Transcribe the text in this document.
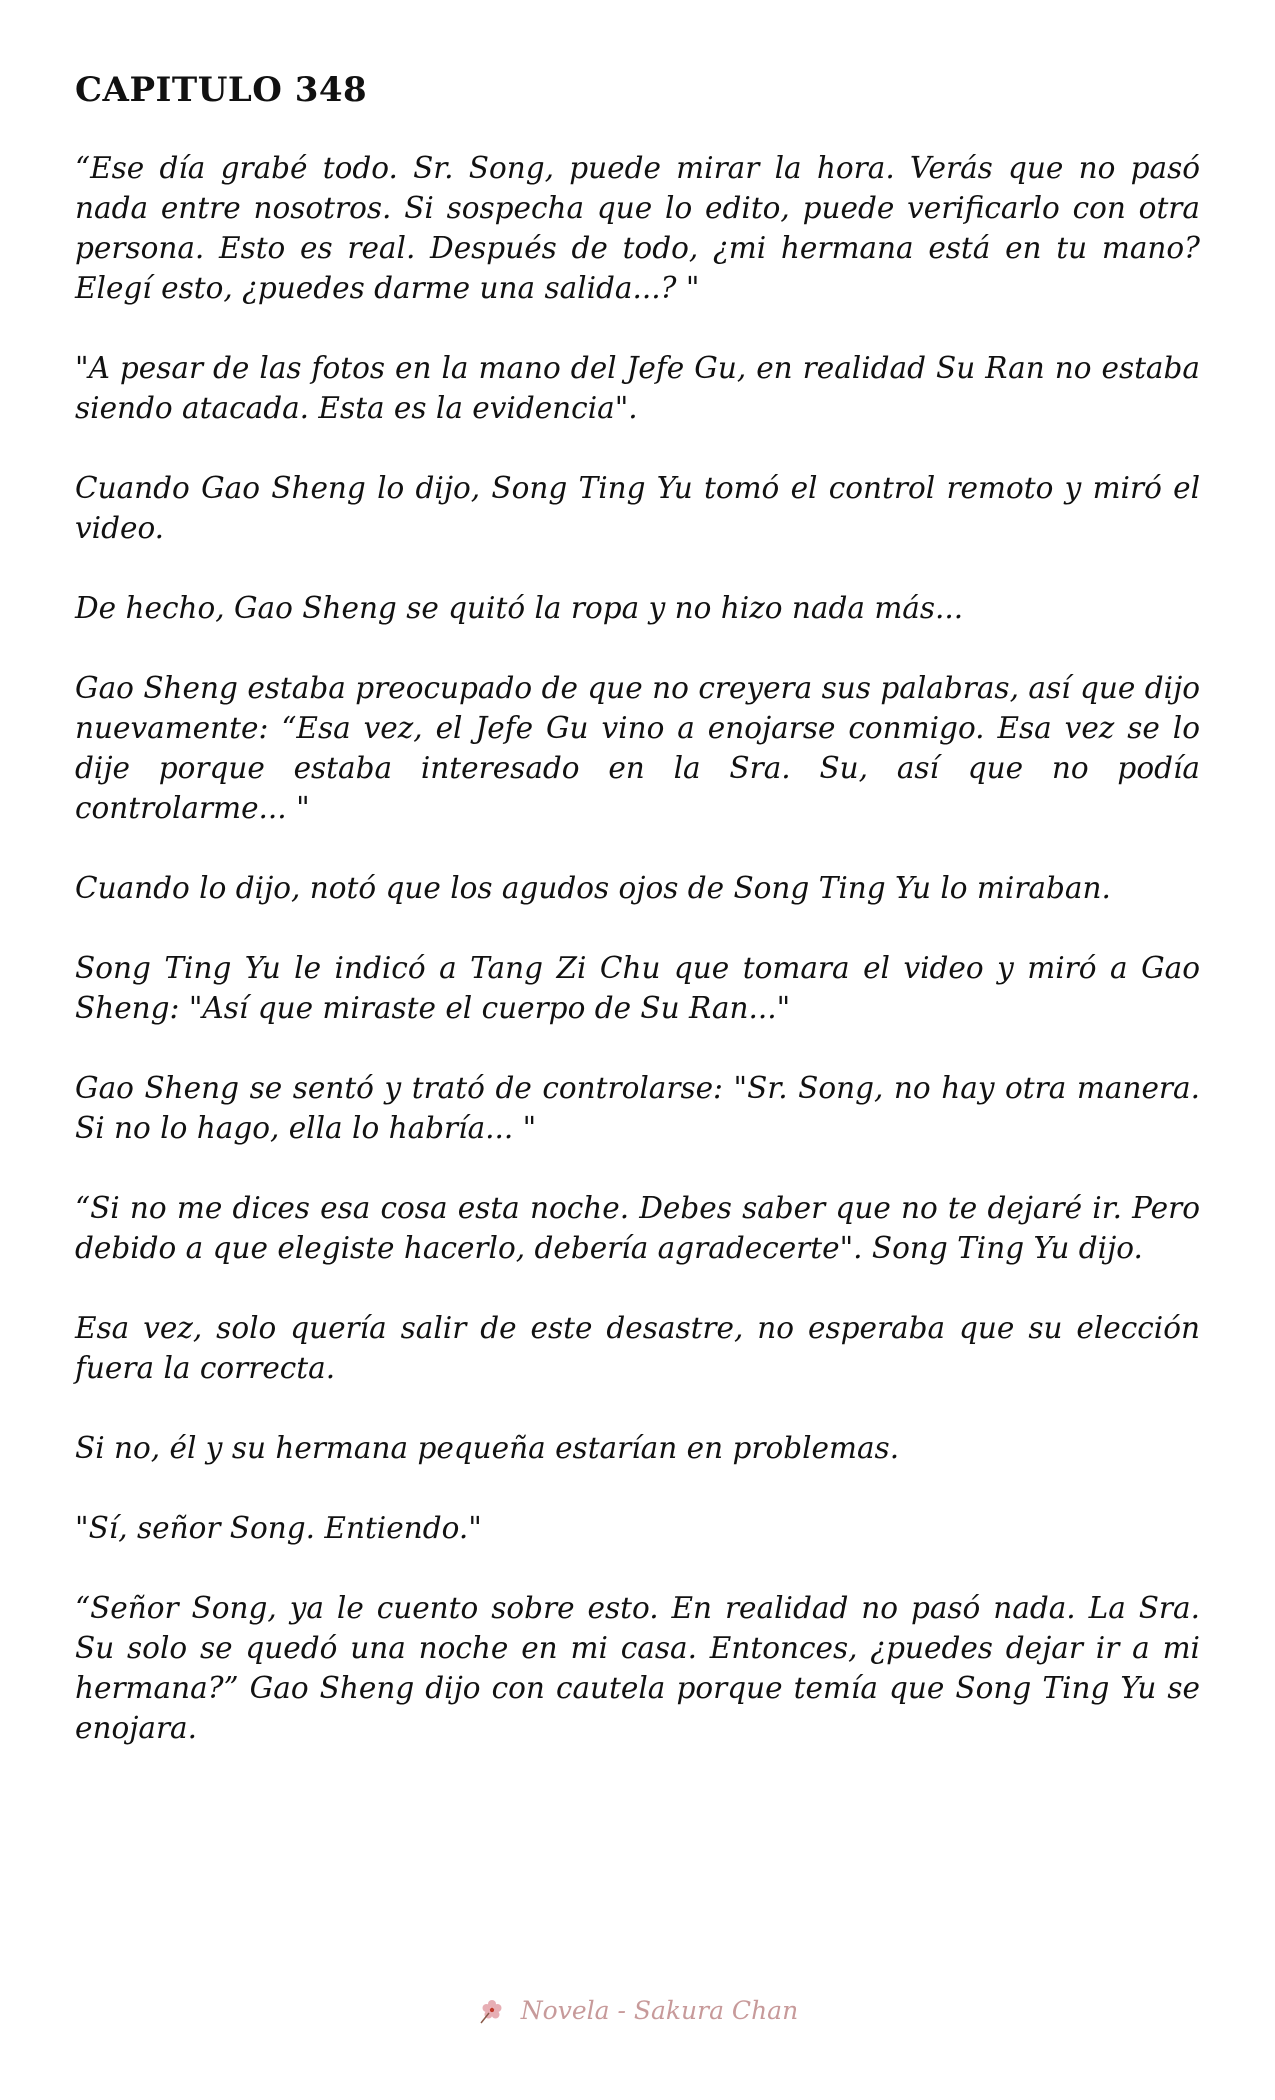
CAPITULO 348

“Ese día grabé todo. Sr. Song, puede mirar la hora. Verás que no pasó nada entre nosotros. Si sospecha que lo edito, puede verificarlo con otra persona. Esto es real. Después de todo, ¿mi hermana está en tu mano? Elegí esto, ¿puedes darme una salida...? "

"A pesar de las fotos en la mano del Jefe Gu, en realidad Su Ran no estaba siendo atacada. Esta es la evidencia".

Cuando Gao Sheng lo dijo, Song Ting Yu tomó el control remoto y miró el video.

De hecho, Gao Sheng se quitó la ropa y no hizo nada más...

Gao Sheng estaba preocupado de que no creyera sus palabras, así que dijo nuevamente: “Esa vez, el Jefe Gu vino a enojarse conmigo. Esa vez se lo dije porque estaba interesado en la Sra. Su, así que no podía controlarme... "

Cuando lo dijo, notó que los agudos ojos de Song Ting Yu lo miraban.

Song Ting Yu le indicó a Tang Zi Chu que tomara el video y miró a Gao Sheng: "Así que miraste el cuerpo de Su Ran..."

Gao Sheng se sentó y trató de controlarse: "Sr. Song, no hay otra manera. Si no lo hago, ella lo habría... "

“Si no me dices esa cosa esta noche. Debes saber que no te dejaré ir. Pero debido a que elegiste hacerlo, debería agradecerte". Song Ting Yu dijo.

Esa vez, solo quería salir de este desastre, no esperaba que su elección fuera la correcta.

Si no, él y su hermana pequeña estarían en problemas.

"Sí, señor Song. Entiendo."

“Señor Song, ya le cuento sobre esto. En realidad no pasó nada. La Sra. Su solo se quedó una noche en mi casa. Entonces, ¿puedes dejar ir a mi hermana?” Gao Sheng dijo con cautela porque temía que Song Ting Yu se enojara.

Novela - Sakura Chan
